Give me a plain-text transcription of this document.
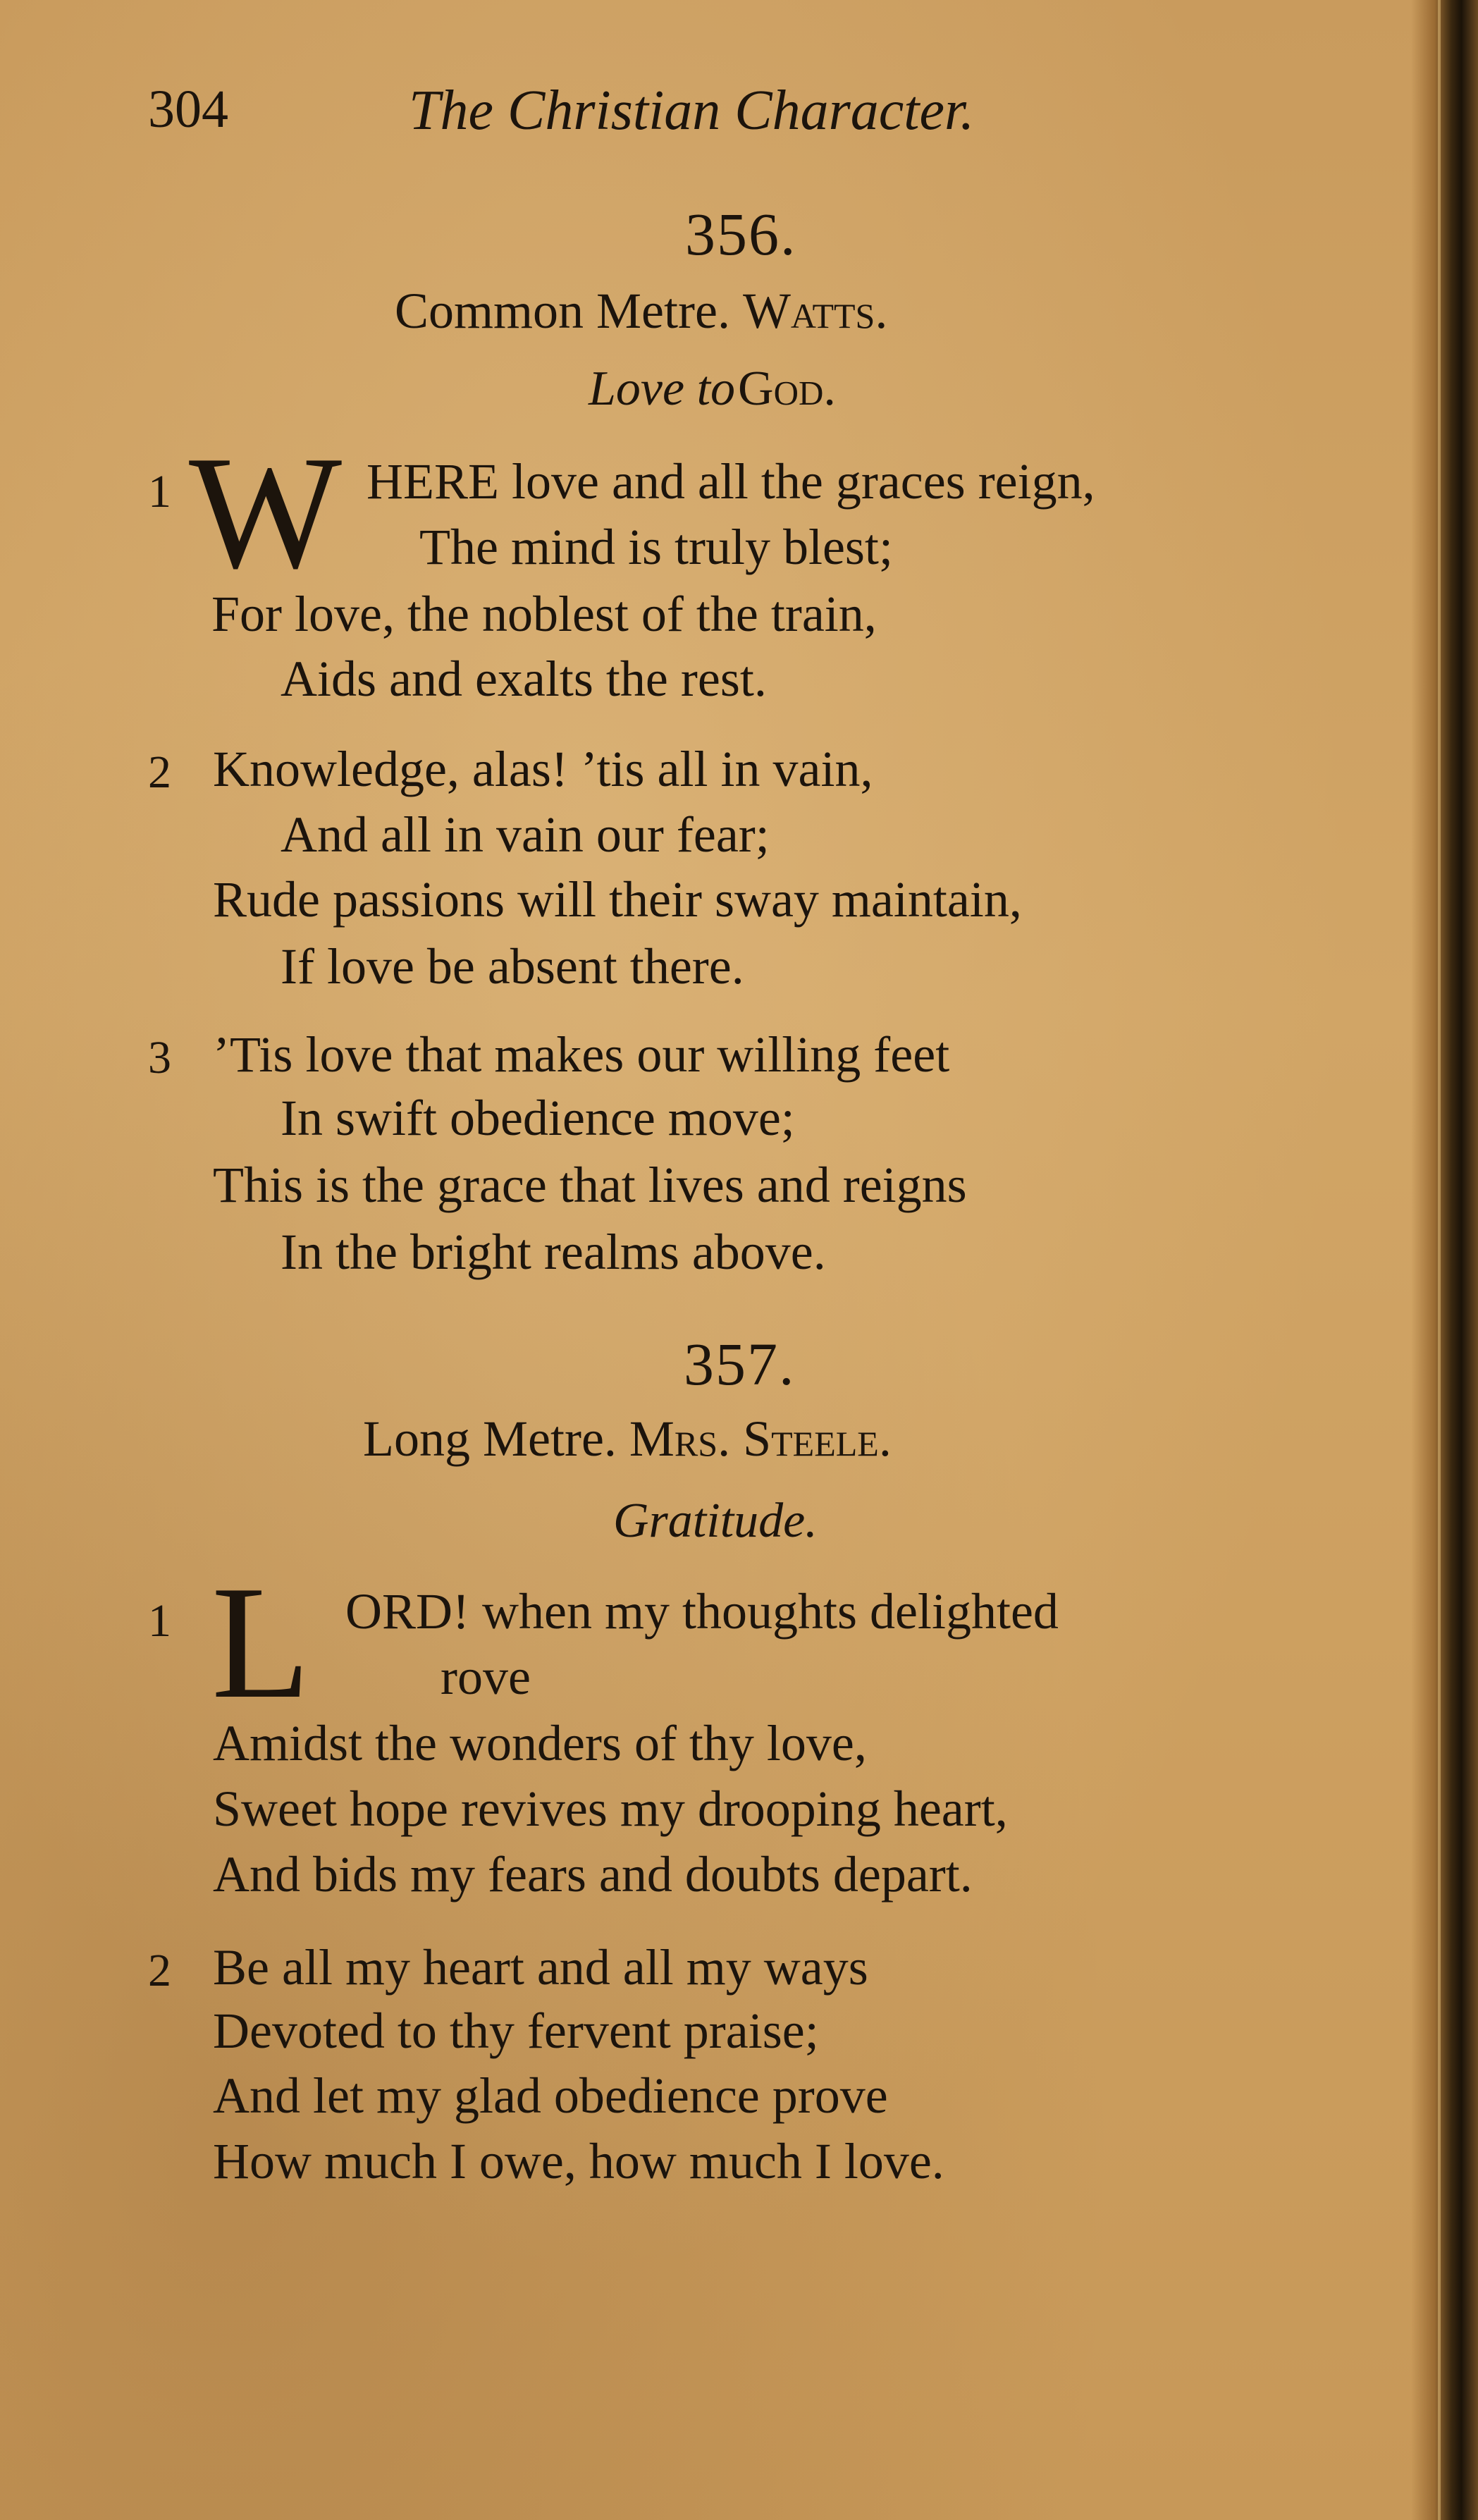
304	The Christian Character.
356.
Common Metre. Watts.
Love to God.
1 W HERE love and all the graces reign,
The mind is truly blest;
For love, the noblest of the train,
Aids and exalts the rest.
2 Knowledge, alas! ’tis all in vain,
And all in vain our fear;
Rude passions will their sway maintain,
If love be absent there.
3 ’Tis love that makes our willing feet
In swift obedience move;
This is the grace that lives and reigns
In the bright realms above.
357.
Long Metre. Mrs. Steele.
Gratitude.
1 L ORD! when my thoughts delighted
rove
Amidst the wonders of thy love,
Sweet hope revives my drooping heart,
And bids my fears and doubts depart.
2 Be all my heart and all my ways
Devoted to thy fervent praise;
And let my glad obedience prove
How much I owe, how much I love.
